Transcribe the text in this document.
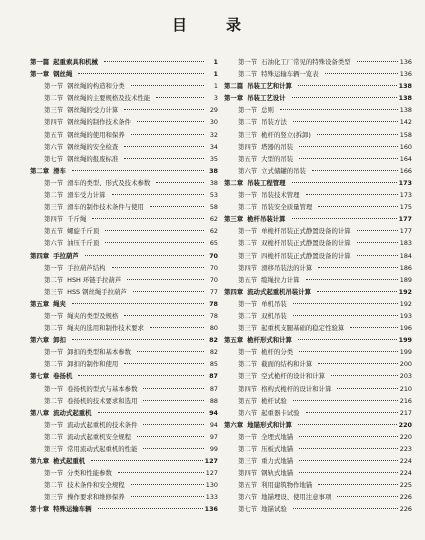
目　录
第一篇 起重索具和机械	1
第一章 钢丝绳	1
第一节 钢丝绳的构造和分类	1
第二节 钢丝绳的主要规格及技术性能	3
第三节 钢丝绳的受力计算	29
第四节 钢丝绳的制作技术条件	30
第五节 钢丝绳的使用和保养	32
第六节 钢丝绳的安全检查	34
第七节 钢丝绳的报废标准	35
第二章 滑车	38
第一节 滑车的类型、形式及技术参数	38
第二节 滑车受力计算	53
第三节 滑车的制作技术条件与使用	58
第四节 千斤绳	62
第五节 螺旋千斤顶	62
第六节 油压千斤顶	65
第四章 手拉葫芦	70
第一节 手拉葫芦结构	70
第二节 HSH 环链手拉葫芦	70
第三节 HSS 钢丝绳手拉葫芦	77
第五章 绳夹	78
第一节 绳夹的类型及规格	78
第二节 绳夹的选用和制作技术要求	80
第六章 卸扣	82
第一节 卸扣的类型和基本参数	82
第二节 卸扣的制作和使用	85
第七章 卷扬机	87
第一节 卷扬机的型式与基本参数	87
第二节 卷扬机的技术要求和选用	88
第八章 流动式起重机	94
第一节 流动式起重机的技术条件	94
第二节 流动式起重机安全规程	97
第三节 常用流动式起重机的性能	99
第九章 桅式起重机	127
第一节 分类和性能参数	127
第二节 技术条件和安全规程	130
第三节 操作要求和维修保养	133
第十章 特殊运输车辆	136
第一节 石油化工厂常见的特殊设备类型	136
第二节 特殊运输车辆一览表	136
第二篇 吊装工艺和计算	138
第一章 吊装工艺设计	138
第一节 总则	138
第二节 吊装方法	142
第三节 桅杆的竖立(拆卸)	158
第四节 塔器的吊装	160
第五节 大型的吊装	164
第六节 立式储罐的吊装	166
第二章 吊装工程管理	173
第一节 吊装技术管理	173
第二节 吊装安全质量管理	175
第三章 桅杆吊装计算	177
第一节 单桅杆吊装正式静置设备的计算	177
第二节 双桅杆吊装正式静置设备的计算	183
第三节 四桅杆吊装正式静置设备的计算	184
第四节 滑移吊装法的计算	186
第五节 缆绳拉力计算	189
第四章 流动式起重机吊装计算	192
第一节 单机吊装	192
第二节 双机吊装	193
第三节 起重机支腿基础的稳定性验算	196
第五章 桅杆形式和计算	199
第一节 桅杆的分类	199
第二节 截面的结构和计算	200
第三节 空式桅杆的设计和计算	203
第四节 格构式桅杆的设计和计算	210
第五节 桅杆试验	216
第六节 起重器卡试验	217
第六章 地锚形式和计算	220
第一节 全埋式地锚	220
第二节 压板式地锚	223
第三节 重力式地锚	224
第四节 钢轨式地锚	224
第五节 利用建筑物作地锚	225
第六节 地锚埋设、使用注意事项	226
第七节 地锚试验	226
